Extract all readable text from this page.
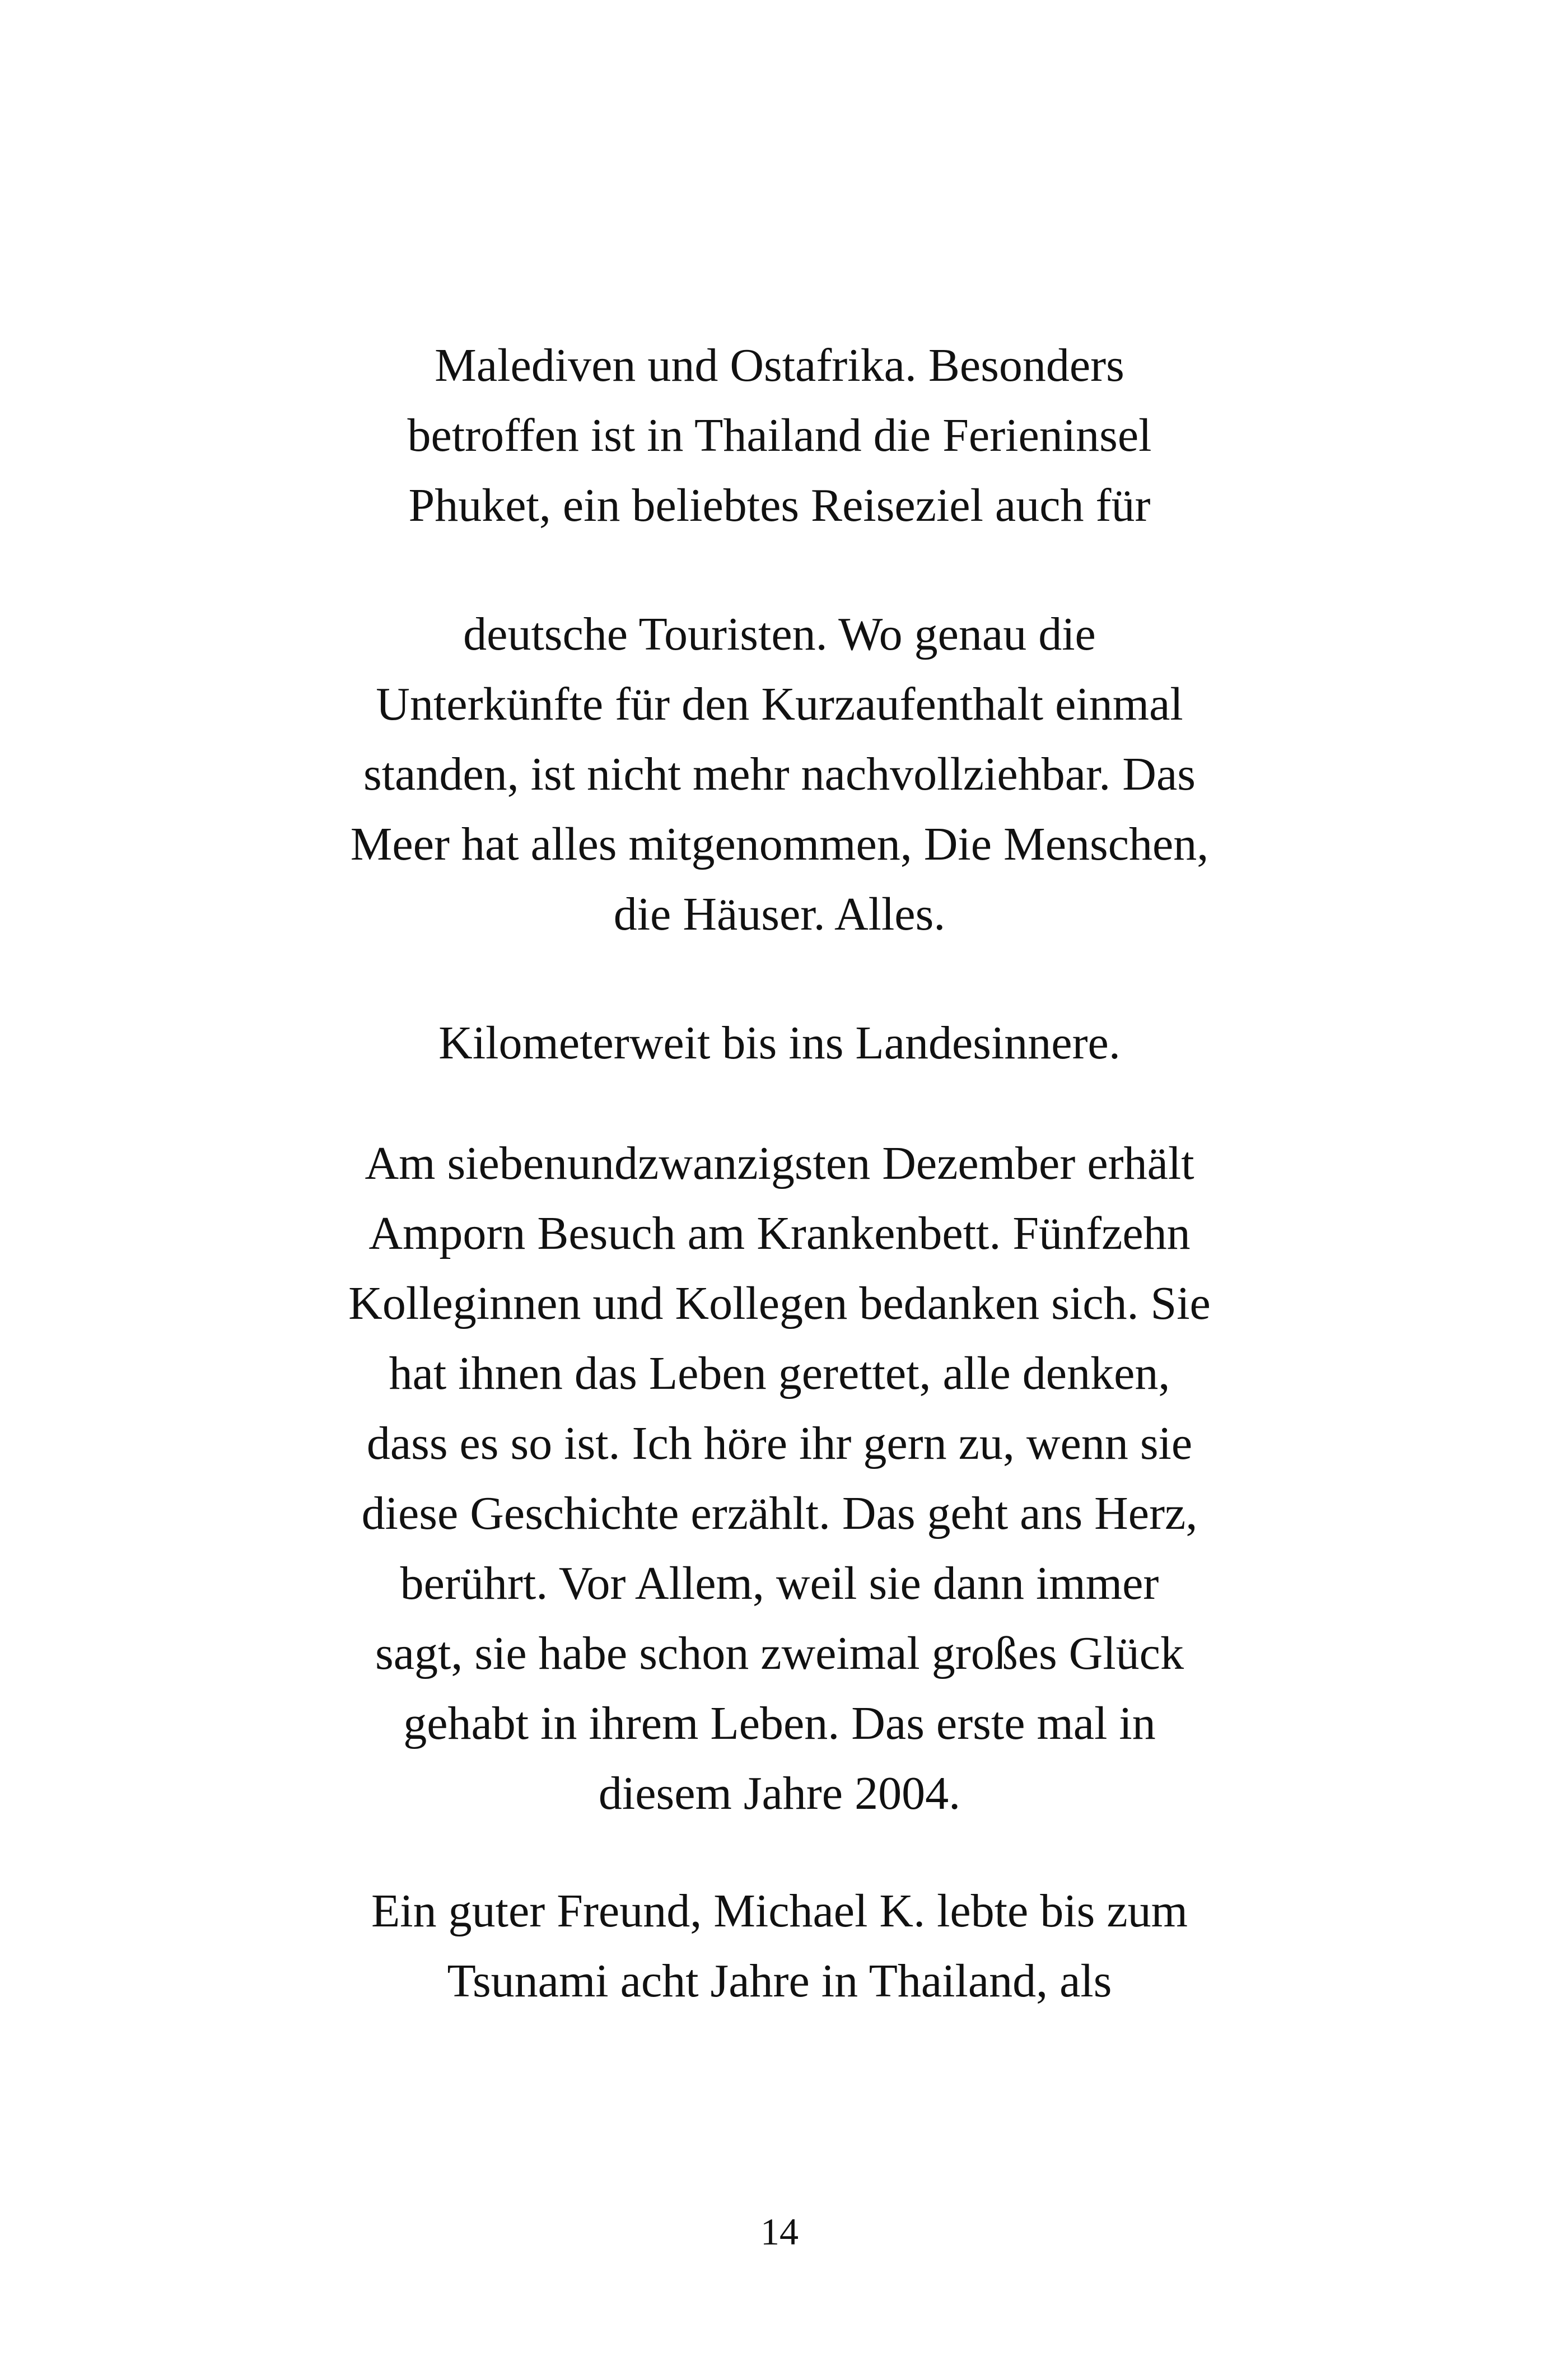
Malediven und Ostafrika. Besonders
betroffen ist in Thailand die Ferieninsel
Phuket, ein beliebtes Reiseziel auch für

deutsche Touristen. Wo genau die
Unterkünfte für den Kurzaufenthalt einmal
standen, ist nicht mehr nachvollziehbar. Das
Meer hat alles mitgenommen, Die Menschen,
die Häuser. Alles.

Kilometerweit bis ins Landesinnere.

Am siebenundzwanzigsten Dezember erhält
Amporn Besuch am Krankenbett. Fünfzehn
Kolleginnen und Kollegen bedanken sich. Sie
hat ihnen das Leben gerettet, alle denken,
dass es so ist. Ich höre ihr gern zu, wenn sie
diese Geschichte erzählt. Das geht ans Herz,
berührt. Vor Allem, weil sie dann immer
sagt, sie habe schon zweimal großes Glück
gehabt in ihrem Leben. Das erste mal in
diesem Jahre 2004.

Ein guter Freund, Michael K. lebte bis zum
Tsunami acht Jahre in Thailand, als

14
